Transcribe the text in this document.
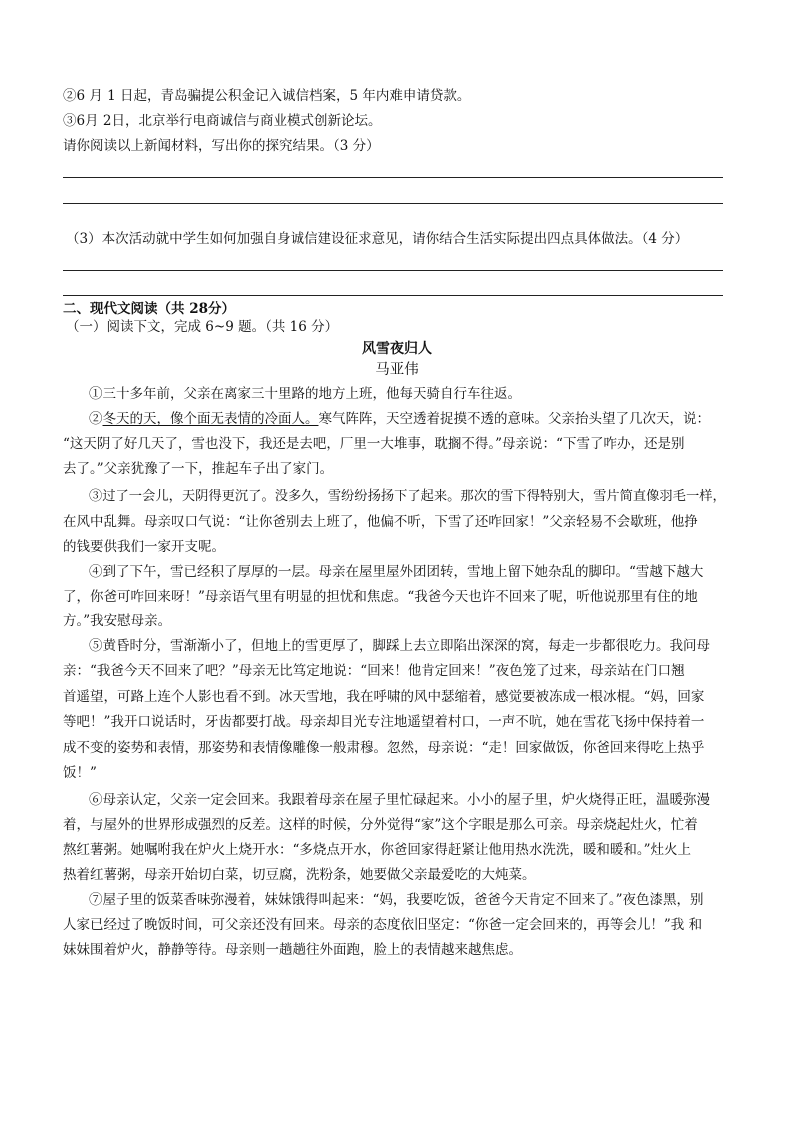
②6 月 1 日起，青岛骗提公积金记入诚信档案，5 年内难申请贷款。
③6月 2日，北京举行电商诚信与商业模式创新论坛。
请你阅读以上新闻材料，写出你的探究结果。（3 分）
（3）本次活动就中学生如何加强自身诚信建设征求意见，请你结合生活实际提出四点具体做法。（4 分）
二、现代文阅读（共 28分）
（一）阅读下文，完成 6~9 题。（共 16 分）
风雪夜归人
马亚伟
①三十多年前，父亲在离家三十里路的地方上班，他每天骑自行车往返。
②冬天的天，像个面无表情的冷面人。寒气阵阵，天空透着捉摸不透的意味。父亲抬头望了几次天，说：
“这天阴了好几天了，雪也没下，我还是去吧，厂里一大堆事，耽搁不得。”母亲说：“下雪了咋办，还是别
去了。”父亲犹豫了一下，推起车子出了家门。
③过了一会儿，天阴得更沉了。没多久，雪纷纷扬扬下了起来。那次的雪下得特别大，雪片简直像羽毛一样，
在风中乱舞。母亲叹口气说：“让你爸别去上班了，他偏不听，下雪了还咋回家！”父亲轻易不会歇班，他挣
的钱要供我们一家开支呢。
④到了下午，雪已经积了厚厚的一层。母亲在屋里屋外团团转，雪地上留下她杂乱的脚印。“雪越下越大
了，你爸可咋回来呀！”母亲语气里有明显的担忧和焦虑。“我爸今天也许不回来了呢，听他说那里有住的地
方。”我安慰母亲。
⑤黄昏时分，雪渐渐小了，但地上的雪更厚了，脚踩上去立即陷出深深的窝，每走一步都很吃力。我问母
亲：“我爸今天不回来了吧？”母亲无比笃定地说：“回来！他肯定回来！”夜色笼了过来，母亲站在门口翘
首遥望，可路上连个人影也看不到。冰天雪地，我在呼啸的风中瑟缩着，感觉要被冻成一根冰棍。“妈，回家
等吧！”我开口说话时，牙齿都要打战。母亲却目光专注地遥望着村口，一声不吭，她在雪花飞扬中保持着一
成不变的姿势和表情，那姿势和表情像雕像一般肃穆。忽然，母亲说：“走！回家做饭，你爸回来得吃上热乎
饭！”
⑥母亲认定，父亲一定会回来。我跟着母亲在屋子里忙碌起来。小小的屋子里，炉火烧得正旺，温暖弥漫
着，与屋外的世界形成强烈的反差。这样的时候，分外觉得“家”这个字眼是那么可亲。母亲烧起灶火，忙着
熬红薯粥。她嘱咐我在炉火上烧开水：“多烧点开水，你爸回家得赶紧让他用热水洗洗，暖和暖和。”灶火上
热着红薯粥，母亲开始切白菜，切豆腐，洗粉条，她要做父亲最爱吃的大炖菜。
⑦屋子里的饭菜香味弥漫着，妹妹饿得叫起来：“妈，我要吃饭，爸爸今天肯定不回来了。”夜色漆黑，别
人家已经过了晚饭时间，可父亲还没有回来。母亲的态度依旧坚定：“你爸一定会回来的，再等会儿！”我 和
妹妹围着炉火，静静等待。母亲则一趟趟往外面跑，脸上的表情越来越焦虑。
